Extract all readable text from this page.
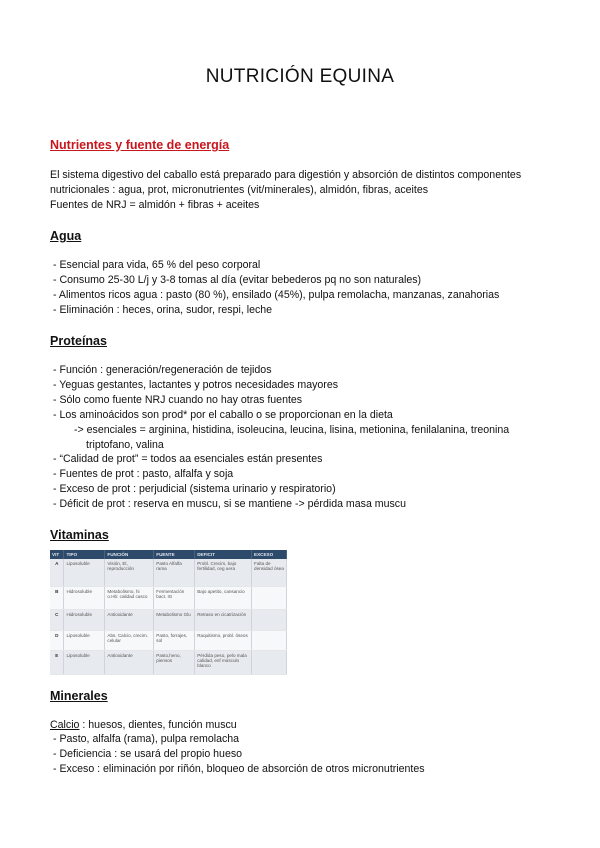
NUTRICIÓN EQUINA
Nutrientes y fuente de energía
El sistema digestivo del caballo está preparado para digestión y absorción de distintos componentes
nutricionales : agua, prot, micronutrientes (vit/minerales), almidón, fibras, aceites
Fuentes de NRJ = almidón + fibras + aceites
Agua
- Esencial para vida, 65 % del peso corporal
- Consumo 25-30 L/j y 3-8 tomas al día (evitar bebederos pq no son naturales)
- Alimentos ricos agua : pasto (80 %), ensilado (45%), pulpa remolacha, manzanas, zanahorias
- Eliminación : heces, orina, sudor, respi, leche
Proteínas
- Función : generación/regeneración de tejidos
- Yeguas gestantes, lactantes y potros necesidades mayores
- Sólo como fuente NRJ cuando no hay otras fuentes
- Los aminoácidos son prod* por el caballo o se proporcionan en la dieta
-> esenciales = arginina, histidina, isoleucina, leucina, lisina, metionina, fenilalanina, treonina
triptofano, valina
- “Calidad de prot” = todos aa esenciales están presentes
- Fuentes de prot : pasto, alfalfa y soja
- Exceso de prot : perjudicial (sistema urinario y respiratorio)
- Déficit de prot : reserva en muscu, si se mantiene -> pérdida masa muscu
Vitaminas
VIT	TIPO	FUNCIÓN	FUENTE	DEFICIT	EXCESO
A	Liposoluble	Visión, El, reproducción	Pasto Alfalfa rama	Probl. Crecim, bajo fertilidad, ceg uera	Falta de densidad ósea
B	Hidrosoluble	Metabolismo, hi o.Hb: calidad casco	Fermentación bact. IG	Bajo apetito, cansancio	
C	Hidrosoluble	Antioxidante	Metabolismo Glu	Retraso en cicatrización	
D	Liposoluble	Abs. Calcio, crecim. celular	Pasto, forrajes, sol	Raquitismo, probl. óseos	
E	Liposoluble	Antioxidante	Pasto,heno, piensos	Pérdida peso, pelo mala calidad, enf músculo blanco	
Minerales
Calcio : huesos, dientes, función muscu
- Pasto, alfalfa (rama), pulpa remolacha
- Deficiencia : se usará del propio hueso
- Exceso : eliminación por riñón, bloqueo de absorción de otros micronutrientes
